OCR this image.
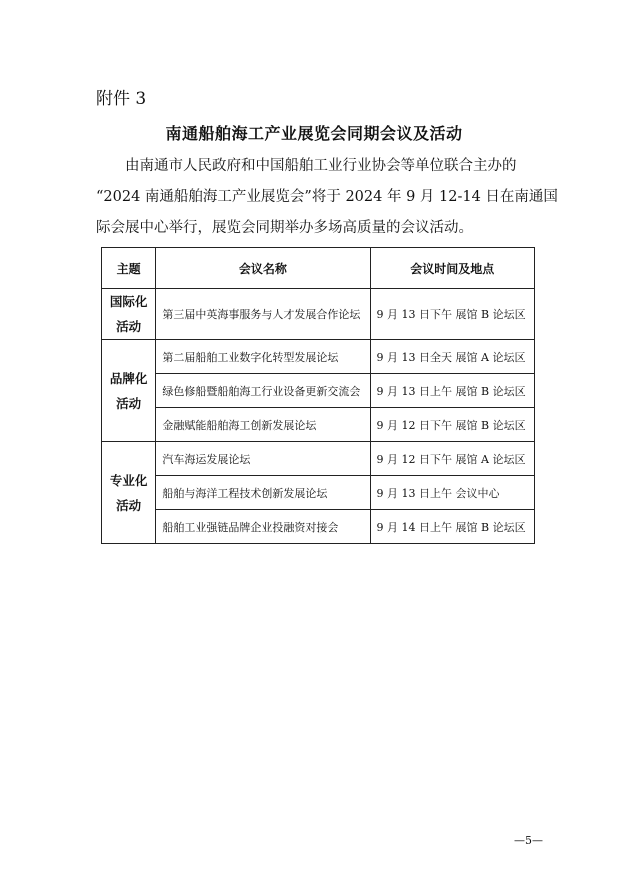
附件 3
南通船舶海工产业展览会同期会议及活动
由南通市人民政府和中国船舶工业行业协会等单位联合主办的
“2024 南通船舶海工产业展览会”将于 2024 年 9 月 12-14 日在南通国
际会展中心举行，展览会同期举办多场高质量的会议活动。
主题	会议名称	会议时间及地点

国际化
活动	第三届中英海事服务与人才发展合作论坛	9 月 13 日下午 展馆 B 论坛区

品牌化
活动	第二届船舶工业数字化转型发展论坛	9 月 13 日全天 展馆 A 论坛区
	绿色修船暨船舶海工行业设备更新交流会	9 月 13 日上午 展馆 B 论坛区
	金融赋能船舶海工创新发展论坛	9 月 12 日下午 展馆 B 论坛区

专业化
活动	汽车海运发展论坛	9 月 12 日下午 展馆 A 论坛区
	船舶与海洋工程技术创新发展论坛	9 月 13 日上午 会议中心
	船舶工业强链品牌企业投融资对接会	9 月 14 日上午 展馆 B 论坛区
—5—
